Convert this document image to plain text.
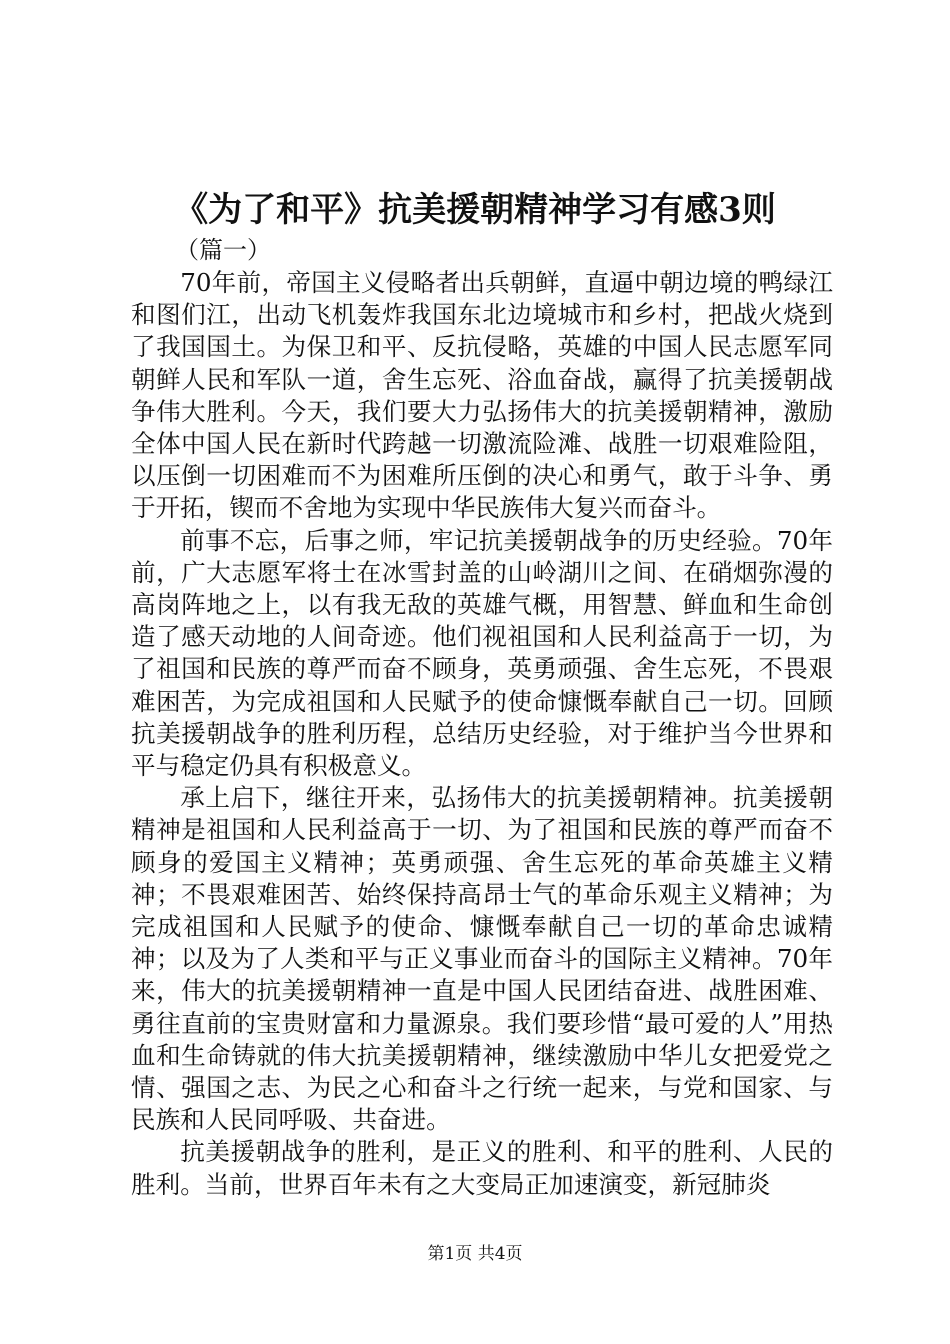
《为了和平》抗美援朝精神学习有感3则
（篇一）

70年前，帝国主义侵略者出兵朝鲜，直逼中朝边境的鸭绿江和图们江，出动飞机轰炸我国东北边境城市和乡村，把战火烧到了我国国土。为保卫和平、反抗侵略，英雄的中国人民志愿军同朝鲜人民和军队一道，舍生忘死、浴血奋战，赢得了抗美援朝战争伟大胜利。今天，我们要大力弘扬伟大的抗美援朝精神，激励全体中国人民在新时代跨越一切激流险滩、战胜一切艰难险阻，以压倒一切困难而不为困难所压倒的决心和勇气，敢于斗争、勇于开拓，锲而不舍地为实现中华民族伟大复兴而奋斗。

前事不忘，后事之师，牢记抗美援朝战争的历史经验。70年前，广大志愿军将士在冰雪封盖的山岭湖川之间、在硝烟弥漫的高岗阵地之上，以有我无敌的英雄气概，用智慧、鲜血和生命创造了感天动地的人间奇迹。他们视祖国和人民利益高于一切，为了祖国和民族的尊严而奋不顾身，英勇顽强、舍生忘死，不畏艰难困苦，为完成祖国和人民赋予的使命慷慨奉献自己一切。回顾抗美援朝战争的胜利历程，总结历史经验，对于维护当今世界和平与稳定仍具有积极意义。

承上启下，继往开来，弘扬伟大的抗美援朝精神。抗美援朝精神是祖国和人民利益高于一切、为了祖国和民族的尊严而奋不顾身的爱国主义精神；英勇顽强、舍生忘死的革命英雄主义精神；不畏艰难困苦、始终保持高昂士气的革命乐观主义精神；为完成祖国和人民赋予的使命、慷慨奉献自己一切的革命忠诚精神；以及为了人类和平与正义事业而奋斗的国际主义精神。70年来，伟大的抗美援朝精神一直是中国人民团结奋进、战胜困难、勇往直前的宝贵财富和力量源泉。我们要珍惜“最可爱的人”用热血和生命铸就的伟大抗美援朝精神，继续激励中华儿女把爱党之情、强国之志、为民之心和奋斗之行统一起来，与党和国家、与民族和人民同呼吸、共奋进。

抗美援朝战争的胜利，是正义的胜利、和平的胜利、人民的胜利。当前，世界百年未有之大变局正加速演变，新冠肺炎

第1页 共4页
